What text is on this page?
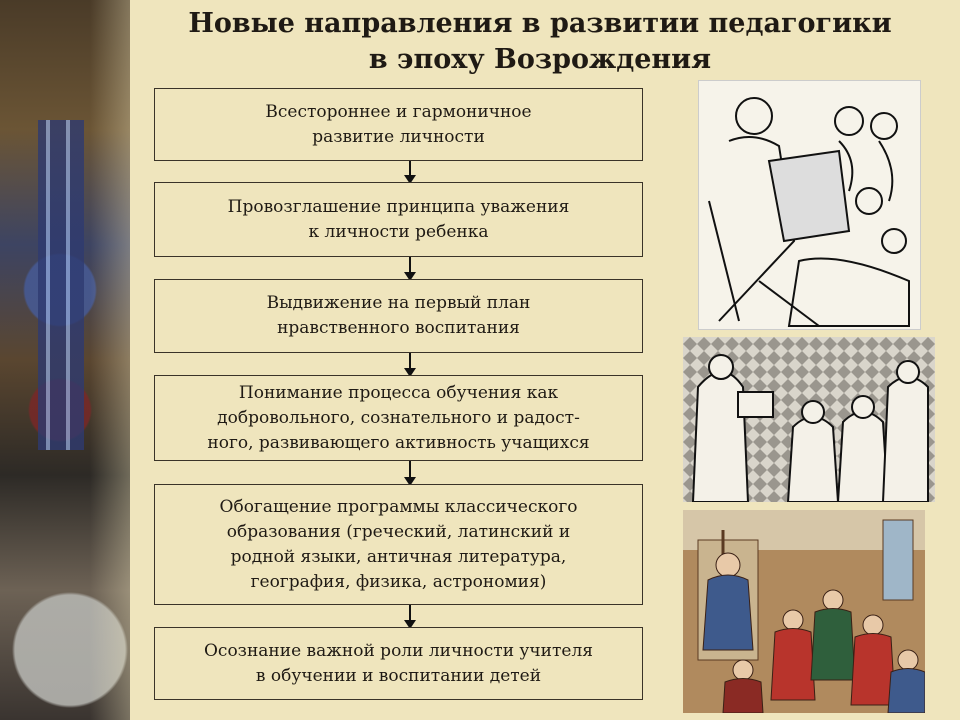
Новые направления в развитии педагогики
в эпоху Возрождения
Всестороннее и гармоничное
развитие личности
Провозглашение принципа уважения
к личности ребенка
Выдвижение на первый план
нравственного воспитания
Понимание процесса обучения как
добровольного, сознательного и радост-
ного, развивающего активность учащихся
Обогащение программы классического
образования (греческий, латинский и
родной языки, античная литература,
география, физика, астрономия)
Осознание важной роли личности учителя
в обучении и воспитании детей
